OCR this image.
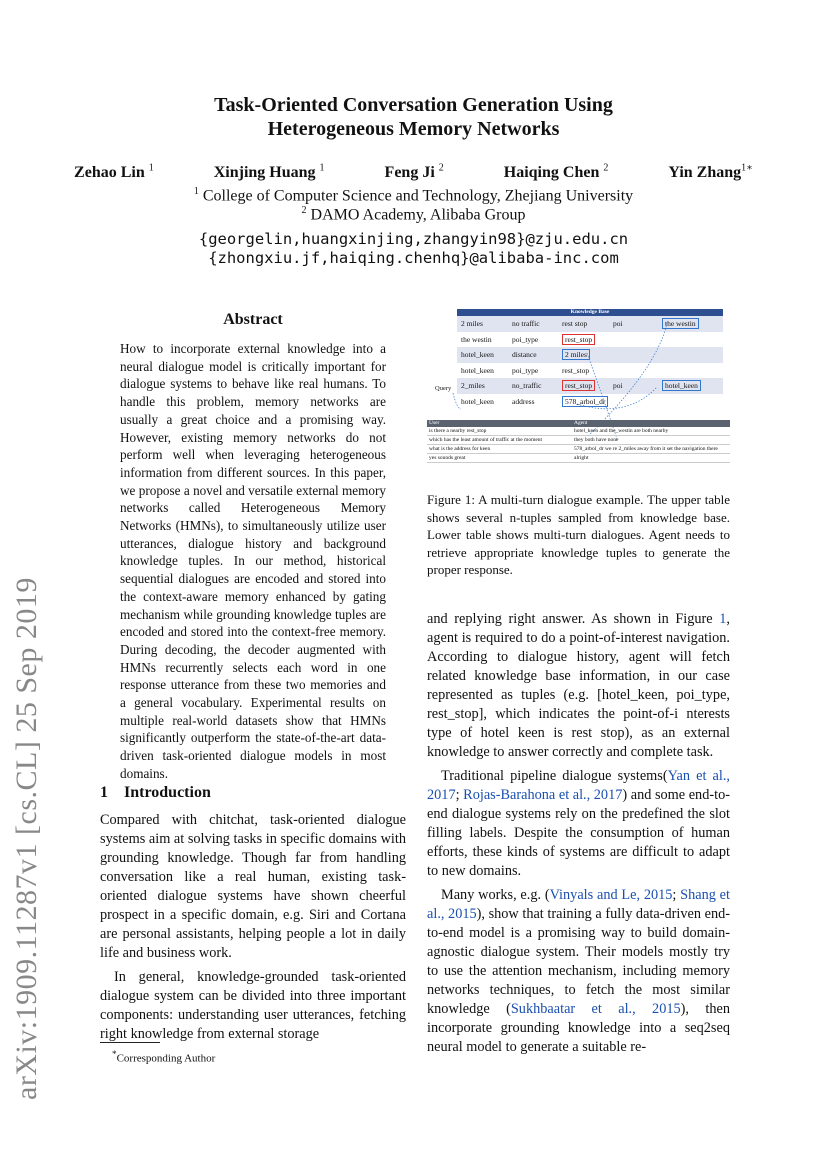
Task-Oriented Conversation Generation Using
Heterogeneous Memory Networks
Zehao Lin $^1$	Xinjing Huang $^1$	Feng Ji $^2$	Haiqing Chen $^2$	Yin Zhang$^{1∗}$
$^1$ College of Computer Science and Technology, Zhejiang University
$^2$ DAMO Academy, Alibaba Group
{georgelin,huangxinjing,zhangyin98}@zju.edu.cn
{zhongxiu.jf,haiqing.chenhq}@alibaba-inc.com
arXiv:1909.11287v1 [cs.CL] 25 Sep 2019
Abstract
How to incorporate external knowledge into a neural dialogue model is critically important for dialogue systems to behave like real humans. To handle this problem, memory networks are usually a great choice and a promising way. However, existing memory networks do not perform well when leveraging heterogeneous information from different sources. In this paper, we propose a novel and versatile external memory networks called Heterogeneous Memory Networks (HMNs), to simultaneously utilize user utterances, dialogue history and background knowledge tuples. In our method, historical sequential dialogues are encoded and stored into the context-aware memory enhanced by gating mechanism while grounding knowledge tuples are encoded and stored into the context-free memory. During decoding, the decoder augmented with HMNs recurrently selects each word in one response utterance from these two memories and a general vocabulary. Experimental results on multiple real-world datasets show that HMNs significantly outperform the state-of-the-art data-driven task-oriented dialogue models in most domains.
1 Introduction

Compared with chitchat, task-oriented dialogue systems aim at solving tasks in specific domains with grounding knowledge. Though far from handling conversation like a real human, existing task-oriented dialogue systems have shown cheerful prospect in a specific domain, e.g. Siri and Cortana are personal assistants, helping people a lot in daily life and business work.

In general, knowledge-grounded task-oriented dialogue system can be divided into three important components: understanding user utterances, fetching right knowledge from external storage

*Corresponding Author
Knowledge Base
2 miles	no traffic	rest stop	poi	the westin
the westin	poi_type	rest_stop
hotel_keen	distance	2 miles
hotel_keen	poi_type	rest_stop
2_miles	no_traffic	rest_stop	poi	hotel_keen
hotel_keen	address	578_arbol_dr
Query
User	Agent
is there a nearby rest_stop	hotel_keen and the_westin are both nearby
which has the least amount of traffic at the moment	they both have none
what is the address for keen	578_arbol_dr we re 2_miles away from it set the navigation there
yes sounds great	alright
Figure 1: A multi-turn dialogue example. The upper table shows several n-tuples sampled from knowledge base. Lower table shows multi-turn dialogues. Agent needs to retrieve appropriate knowledge tuples to generate the proper response.

and replying right answer. As shown in Figure 1, agent is required to do a point-of-interest navigation. According to dialogue history, agent will fetch related knowledge base information, in our case represented as tuples (e.g. [hotel_keen, poi_type, rest_stop], which indicates the point-of-i nterests type of hotel keen is rest stop), as an external knowledge to answer correctly and complete task.

Traditional pipeline dialogue systems(Yan et al., 2017; Rojas-Barahona et al., 2017) and some end-to-end dialogue systems rely on the predefined the slot filling labels. Despite the consumption of human efforts, these kinds of systems are difficult to adapt to new domains.

Many works, e.g. (Vinyals and Le, 2015; Shang et al., 2015), show that training a fully data-driven end-to-end model is a promising way to build domain-agnostic dialogue system. Their models mostly try to use the attention mechanism, including memory networks techniques, to fetch the most similar knowledge (Sukhbaatar et al., 2015), then incorporate grounding knowledge into a seq2seq neural model to generate a suitable re-
